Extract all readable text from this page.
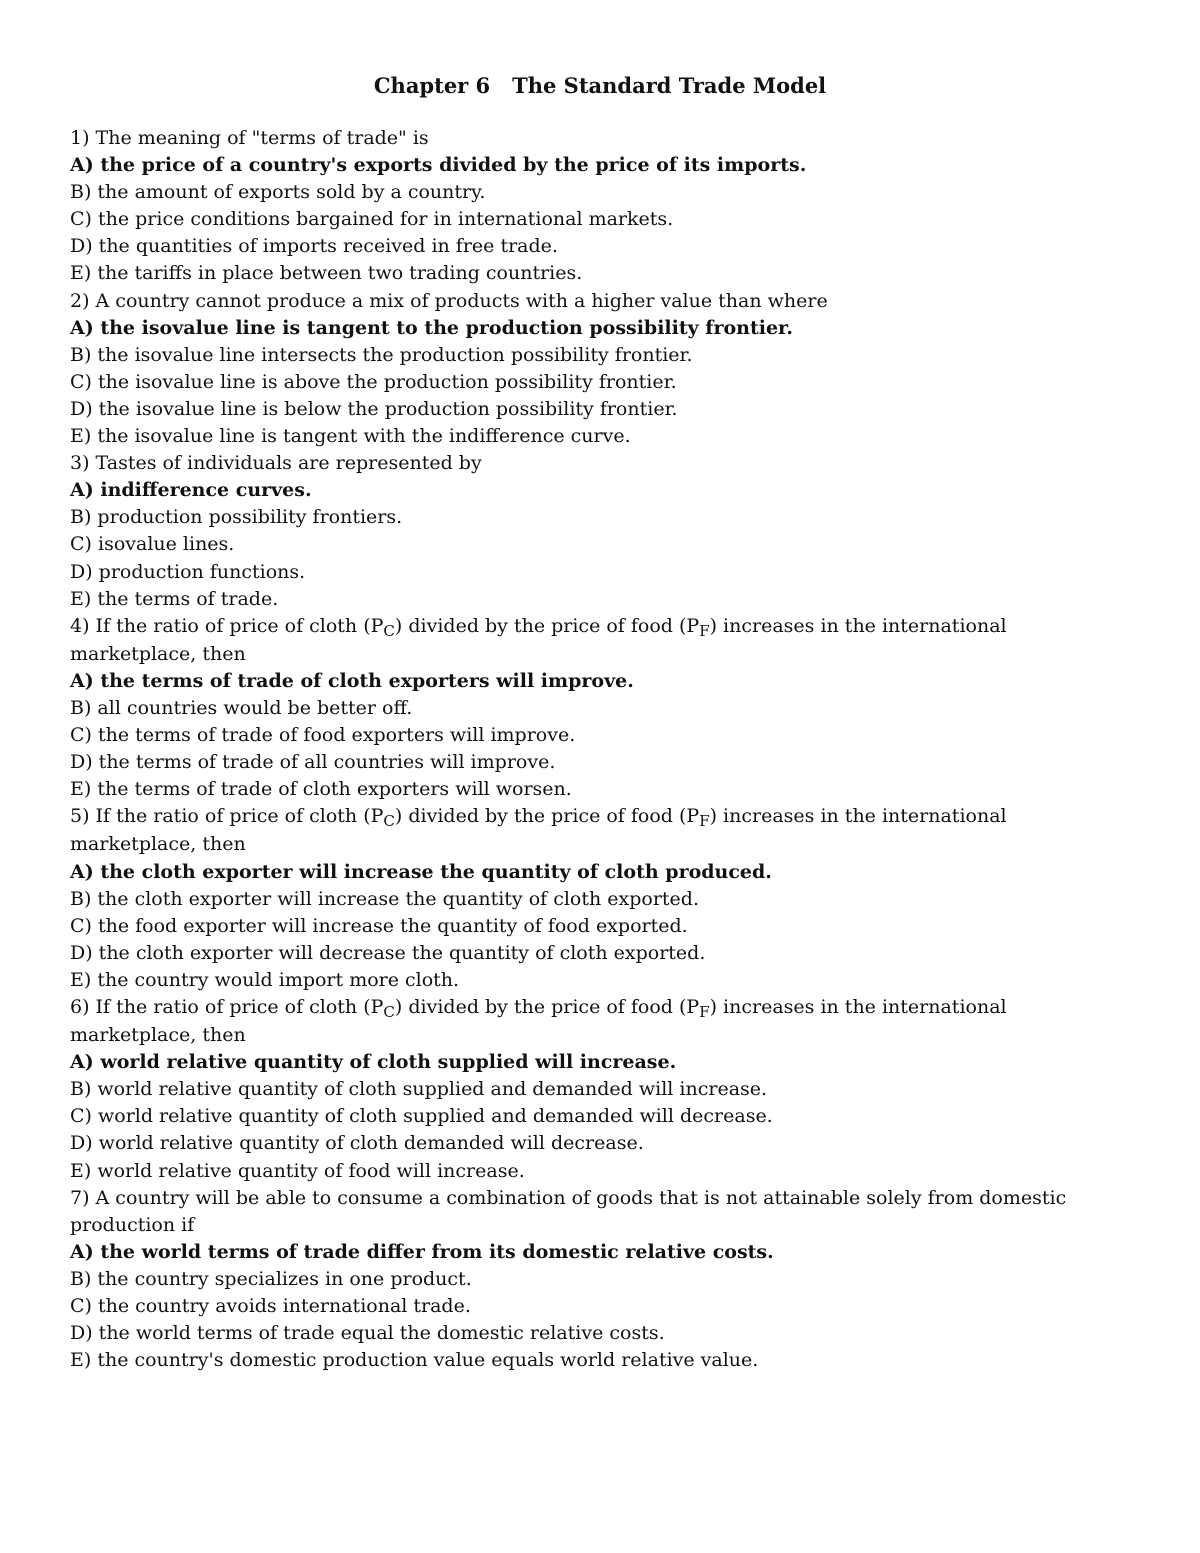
Chapter 6   The Standard Trade Model
1) The meaning of "terms of trade" is
A) the price of a country's exports divided by the price of its imports.
B) the amount of exports sold by a country.
C) the price conditions bargained for in international markets.
D) the quantities of imports received in free trade.
E) the tariffs in place between two trading countries.
2) A country cannot produce a mix of products with a higher value than where
A) the isovalue line is tangent to the production possibility frontier.
B) the isovalue line intersects the production possibility frontier.
C) the isovalue line is above the production possibility frontier.
D) the isovalue line is below the production possibility frontier.
E) the isovalue line is tangent with the indifference curve.
3) Tastes of individuals are represented by
A) indifference curves.
B) production possibility frontiers.
C) isovalue lines.
D) production functions.
E) the terms of trade.
4) If the ratio of price of cloth $(P_C)$ divided by the price of food $(P_F)$ increases in the international marketplace, then
A) the terms of trade of cloth exporters will improve.
B) all countries would be better off.
C) the terms of trade of food exporters will improve.
D) the terms of trade of all countries will improve.
E) the terms of trade of cloth exporters will worsen.
5) If the ratio of price of cloth $(P_C)$ divided by the price of food $(P_F)$ increases in the international marketplace, then
A) the cloth exporter will increase the quantity of cloth produced.
B) the cloth exporter will increase the quantity of cloth exported.
C) the food exporter will increase the quantity of food exported.
D) the cloth exporter will decrease the quantity of cloth exported.
E) the country would import more cloth.
6) If the ratio of price of cloth $(P_C)$ divided by the price of food $(P_F)$ increases in the international marketplace, then
A) world relative quantity of cloth supplied will increase.
B) world relative quantity of cloth supplied and demanded will increase.
C) world relative quantity of cloth supplied and demanded will decrease.
D) world relative quantity of cloth demanded will decrease.
E) world relative quantity of food will increase.
7) A country will be able to consume a combination of goods that is not attainable solely from domestic production if
A) the world terms of trade differ from its domestic relative costs.
B) the country specializes in one product.
C) the country avoids international trade.
D) the world terms of trade equal the domestic relative costs.
E) the country's domestic production value equals world relative value.
